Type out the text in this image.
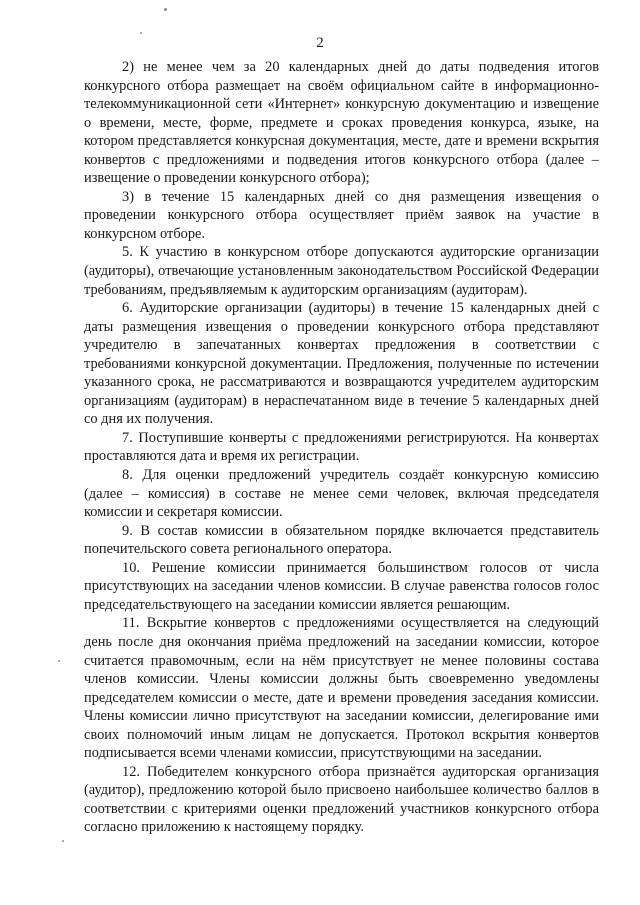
2

2) не менее чем за 20 календарных дней до даты подведения итогов конкурсного отбора размещает на своём официальном сайте в информационно-телекоммуникационной сети «Интернет» конкурсную документацию и извещение о времени, месте, форме, предмете и сроках проведения конкурса, языке, на котором представляется конкурсная документация, месте, дате и времени вскрытия конвертов с предложениями и подведения итогов конкурсного отбора (далее – извещение о проведении конкурсного отбора);

3) в течение 15 календарных дней со дня размещения извещения о проведении конкурсного отбора осуществляет приём заявок на участие в конкурсном отборе.

5. К участию в конкурсном отборе допускаются аудиторские организации (аудиторы), отвечающие установленным законодательством Российской Федерации требованиям, предъявляемым к аудиторским организациям (аудиторам).

6. Аудиторские организации (аудиторы) в течение 15 календарных дней с даты размещения извещения о проведении конкурсного отбора представляют учредителю в запечатанных конвертах предложения в соответствии с требованиями конкурсной документации. Предложения, полученные по истечении указанного срока, не рассматриваются и возвращаются учредителем аудиторским организациям (аудиторам) в нераспечатанном виде в течение 5 календарных дней со дня их получения.

7. Поступившие конверты с предложениями регистрируются. На конвертах проставляются дата и время их регистрации.

8. Для оценки предложений учредитель создаёт конкурсную комиссию (далее – комиссия) в составе не менее семи человек, включая председателя комиссии и секретаря комиссии.

9. В состав комиссии в обязательном порядке включается представитель попечительского совета регионального оператора.

10. Решение комиссии принимается большинством голосов от числа присутствующих на заседании членов комиссии. В случае равенства голосов голос председательствующего на заседании комиссии является решающим.

11. Вскрытие конвертов с предложениями осуществляется на следующий день после дня окончания приёма предложений на заседании комиссии, которое считается правомочным, если на нём присутствует не менее половины состава членов комиссии. Члены комиссии должны быть своевременно уведомлены председателем комиссии о месте, дате и времени проведения заседания комиссии. Члены комиссии лично присутствуют на заседании комиссии, делегирование ими своих полномочий иным лицам не допускается. Протокол вскрытия конвертов подписывается всеми членами комиссии, присутствующими на заседании.

12. Победителем конкурсного отбора признаётся аудиторская организация (аудитор), предложению которой было присвоено наибольшее количество баллов в соответствии с критериями оценки предложений участников конкурсного отбора согласно приложению к настоящему порядку.
